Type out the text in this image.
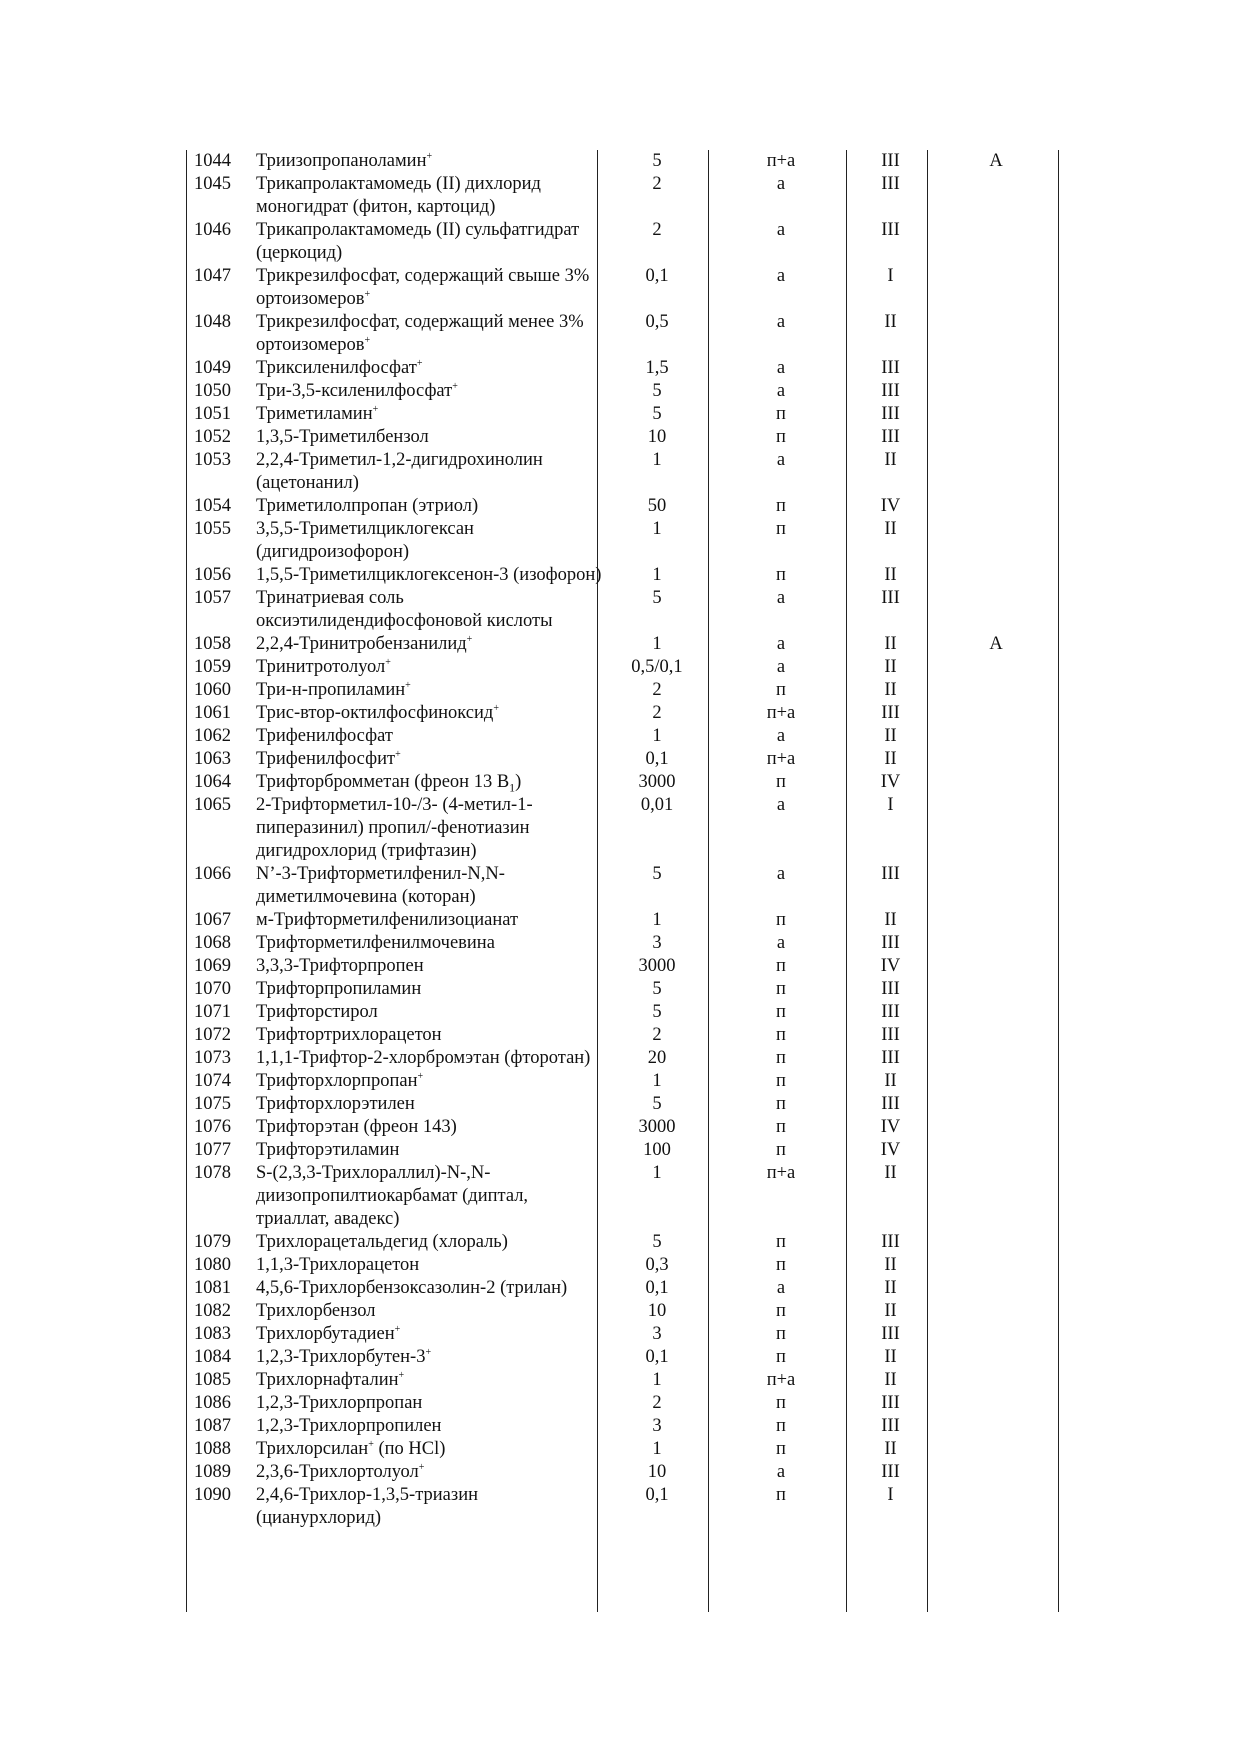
1044	Триизопропаноламин+	5	п+а	III	А
1045	Трикапролактамомедь (II) дихлорид моногидрат (фитон, картоцид)	2	а	III	
1046	Трикапролактамомедь (II) сульфатгидрат (церкоцид)	2	а	III	
1047	Трикрезилфосфат, содержащий свыше 3% ортоизомеров+	0,1	а	I	
1048	Трикрезилфосфат, содержащий менее 3% ортоизомеров+	0,5	а	II	
1049	Триксиленилфосфат+	1,5	а	III	
1050	Три-3,5-ксиленилфосфат+	5	а	III	
1051	Триметиламин+	5	п	III	
1052	1,3,5-Триметилбензол	10	п	III	
1053	2,2,4-Триметил-1,2-дигидрохинолин (ацетонанил)	1	а	II	
1054	Триметилолпропан (этриол)	50	п	IV	
1055	3,5,5-Триметилциклогексан (дигидроизофорон)	1	п	II	
1056	1,5,5-Триметилциклогексенон-3 (изофорон)	1	п	II	
1057	Тринатриевая соль оксиэтилидендифосфоновой кислоты	5	а	III	
1058	2,2,4-Тринитробензанилид+	1	а	II	А
1059	Тринитротолуол+	0,5/0,1	а	II	
1060	Три-н-пропиламин+	2	п	II	
1061	Трис-втор-октилфосфиноксид+	2	п+а	III	
1062	Трифенилфосфат	1	а	II	
1063	Трифенилфосфит+	0,1	п+а	II	
1064	Трифторбромметан (фреон 13 $В_1$)	3000	п	IV	
1065	2-Трифторметил-10-/3- (4-метил-1-пиперазинил) пропил/-фенотиазин дигидрохлорид (трифтазин)	0,01	а	I	
1066	N’-3-Трифторметилфенил-N,N-диметилмочевина (которан)	5	а	III	
1067	м-Трифторметилфенилизоцианат	1	п	II	
1068	Трифторметилфенилмочевина	3	а	III	
1069	3,3,3-Трифторпропен	3000	п	IV	
1070	Трифторпропиламин	5	п	III	
1071	Трифторстирол	5	п	III	
1072	Трифтортрихлорацетон	2	п	III	
1073	1,1,1-Трифтор-2-хлорбромэтан (фторотан)	20	п	III	
1074	Трифторхлорпропан+	1	п	II	
1075	Трифторхлорэтилен	5	п	III	
1076	Трифторэтан (фреон 143)	3000	п	IV	
1077	Трифторэтиламин	100	п	IV	
1078	S-(2,3,3-Трихлораллил)-N-,N-диизопропилтиокарбамат (диптал, триаллат, авадекс)	1	п+а	II	
1079	Трихлорацетальдегид (хлораль)	5	п	III	
1080	1,1,3-Трихлорацетон	0,3	п	II	
1081	4,5,6-Трихлорбензоксазолин-2 (трилан)	0,1	а	II	
1082	Трихлорбензол	10	п	II	
1083	Трихлорбутадиен+	3	п	III	
1084	1,2,3-Трихлорбутен-3+	0,1	п	II	
1085	Трихлорнафталин+	1	п+а	II	
1086	1,2,3-Трихлорпропан	2	п	III	
1087	1,2,3-Трихлорпропилен	3	п	III	
1088	Трихлорсилан+ (по HCl)	1	п	II	
1089	2,3,6-Трихлортолуол+	10	а	III	
1090	2,4,6-Трихлор-1,3,5-триазин (циануpхлорид)	0,1	п	I	
